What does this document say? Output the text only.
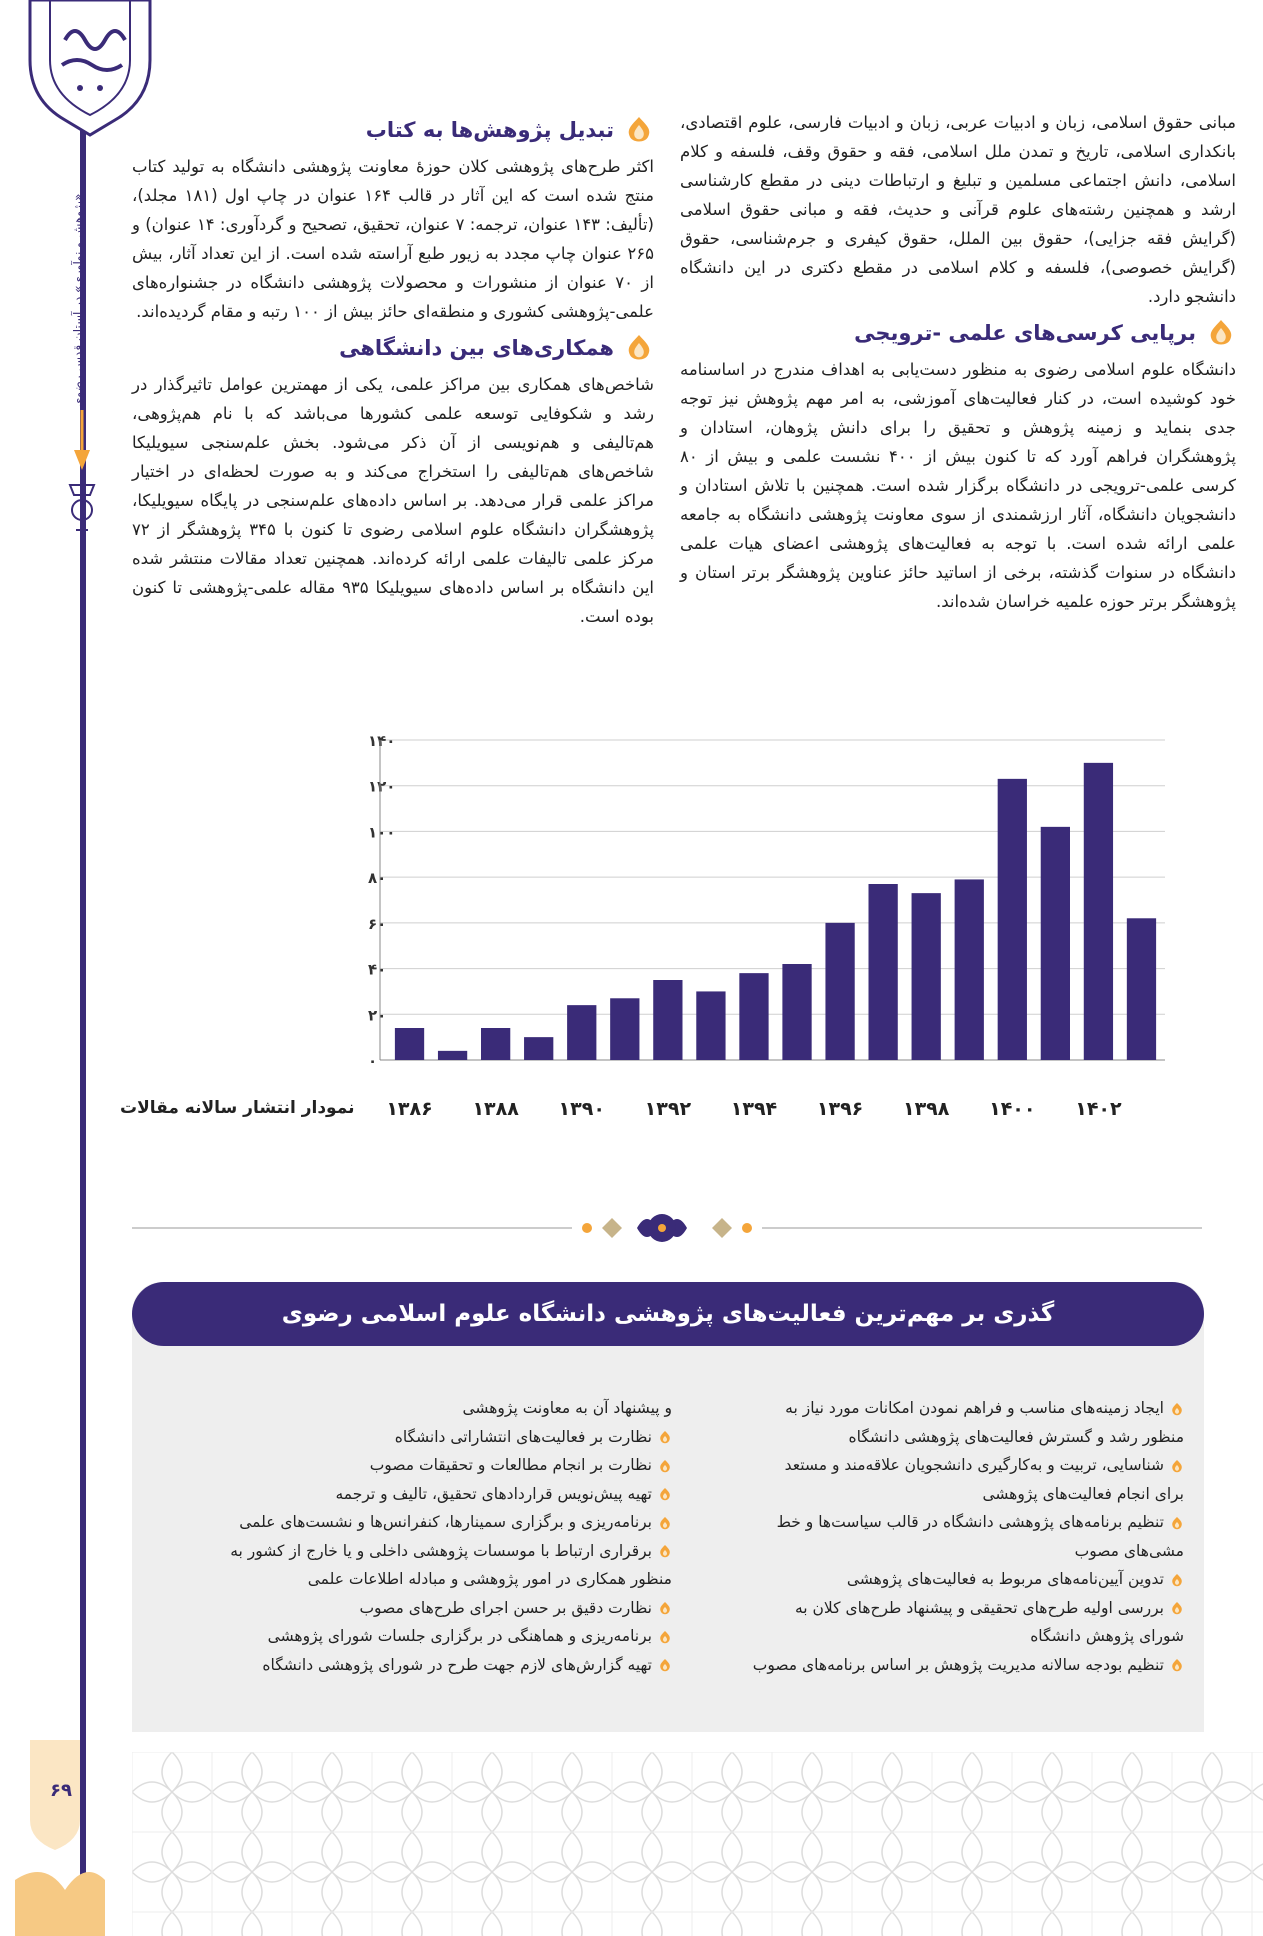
«پژوهش و نوآوری» در آستان قدس رضوی
۶۹

مبانی حقوق اسلامی، زبان و ادبیات عربی، زبان و ادبیات فارسی، علوم اقتصادی، بانکداری اسلامی، تاریخ و تمدن ملل اسلامی، فقه و حقوق وقف، فلسفه و کلام اسلامی، دانش اجتماعی مسلمین و تبلیغ و ارتباطات دینی در مقطع کارشناسی ارشد و همچنین رشته‌های علوم قرآنی و حدیث، فقه و مبانی حقوق اسلامی (گرایش فقه جزایی)، حقوق بین الملل، حقوق کیفری و جرم‌شناسی، حقوق (گرایش خصوصی)، فلسفه و کلام اسلامی در مقطع دکتری در این دانشگاه دانشجو دارد.

برپایی کرسی‌های علمی -ترویجی

دانشگاه علوم اسلامی رضوی به منظور دست‌یابی به اهداف مندرج در اساسنامه خود کوشیده است، در کنار فعالیت‌های آموزشی، به امر مهم پژوهش نیز توجه جدی بنماید و زمینه پژوهش و تحقیق را برای دانش پژوهان، استادان و پژوهشگران فراهم آورد که تا کنون بیش از ۴۰۰ نشست علمی و بیش از ۸۰ کرسی علمی-ترویجی در دانشگاه برگزار شده است. همچنین با تلاش استادان و دانشجویان دانشگاه، آثار ارزشمندی از سوی معاونت پژوهشی دانشگاه به جامعه علمی ارائه شده است. با توجه به فعالیت‌های پژوهشی اعضای هیات علمی دانشگاه در سنوات گذشته، برخی از اساتید حائز عناوین پژوهشگر برتر استان و پژوهشگر برتر حوزه علمیه خراسان شده‌اند.

تبدیل پژوهش‌ها به کتاب

اکثر طرح‌های پژوهشی کلان حوزهٔ معاونت پژوهشی دانشگاه به تولید کتاب منتج شده است که این آثار در قالب ۱۶۴ عنوان در چاپ اول (۱۸۱ مجلد)، (تألیف: ۱۴۳ عنوان، ترجمه: ۷ عنوان، تحقیق، تصحیح و گردآوری: ۱۴ عنوان) و ۲۶۵ عنوان چاپ مجدد به زیور طبع آراسته شده است. از این تعداد آثار، بیش از ۷۰ عنوان از منشورات و محصولات پژوهشی دانشگاه در جشنواره‌های علمی-پژوهشی کشوری و منطقه‌ای حائز بیش از ۱۰۰ رتبه و مقام گردیده‌اند.

همکاری‌های بین دانشگاهی

شاخص‌های همکاری بین مراکز علمی، یکی از مهمترین عوامل تاثیرگذار در رشد و شکوفایی توسعه علمی کشورها می‌باشد که با نام هم‌پژوهی، هم‌تالیفی و هم‌نویسی از آن ذکر می‌شود. بخش علم‌سنجی سیویلیکا شاخص‌های هم‌تالیفی را استخراج می‌کند و به صورت لحظه‌ای در اختیار مراکز علمی قرار می‌دهد. بر اساس داده‌های علم‌سنجی در پایگاه سیویلیکا، پژوهشگران دانشگاه علوم اسلامی رضوی تا کنون با ۳۴۵ پژوهشگر از ۷۲ مرکز علمی تالیفات علمی ارائه کرده‌اند. همچنین تعداد مقالات منتشر شده این دانشگاه بر اساس داده‌های سیویلیکا ۹۳۵ مقاله علمی-پژوهشی تا کنون بوده است.

۰
۲۰
۴۰
۶۰
۸۰
۱۰۰
۱۲۰
۱۴۰
۱۳۸۶ ۱۳۸۸ ۱۳۹۰ ۱۳۹۲ ۱۳۹۴ ۱۳۹۶ ۱۳۹۸ ۱۴۰۰ ۱۴۰۲
نمودار انتشار سالانه مقالات
گذری بر مهم‌ترین فعالیت‌های پژوهشی دانشگاه علوم اسلامی رضوی
ایجاد زمینه‌های مناسب و فراهم نمودن امکانات مورد نیاز به
منظور رشد و گسترش فعالیت‌های پژوهشی دانشگاه
شناسایی، تربیت و به‌کارگیری دانشجویان علاقه‌مند و مستعد
برای انجام فعالیت‌های پژوهشی
تنظیم برنامه‌های پژوهشی دانشگاه در قالب سیاست‌ها و خط
مشی‌های مصوب
تدوین آیین‌نامه‌های مربوط به فعالیت‌های پژوهشی
بررسی اولیه طرح‌های تحقیقی و پیشنهاد طرح‌های کلان به
شورای پژوهش دانشگاه
تنظیم بودجه سالانه مدیریت پژوهش بر اساس برنامه‌های مصوب
و پیشنهاد آن به معاونت پژوهشی
نظارت بر فعالیت‌های انتشاراتی دانشگاه
نظارت بر انجام مطالعات و تحقیقات مصوب
تهیه پیش‌نویس قراردادهای تحقیق، تالیف و ترجمه
برنامه‌ریزی و برگزاری سمینارها، کنفرانس‌ها و نشست‌های علمی
برقراری ارتباط با موسسات پژوهشی داخلی و یا خارج از کشور به
منظور همکاری در امور پژوهشی و مبادله اطلاعات علمی
نظارت دقیق بر حسن اجرای طرح‌های مصوب
برنامه‌ریزی و هماهنگی در برگزاری جلسات شورای پژوهشی
تهیه گزارش‌های لازم جهت طرح در شورای پژوهشی دانشگاه
